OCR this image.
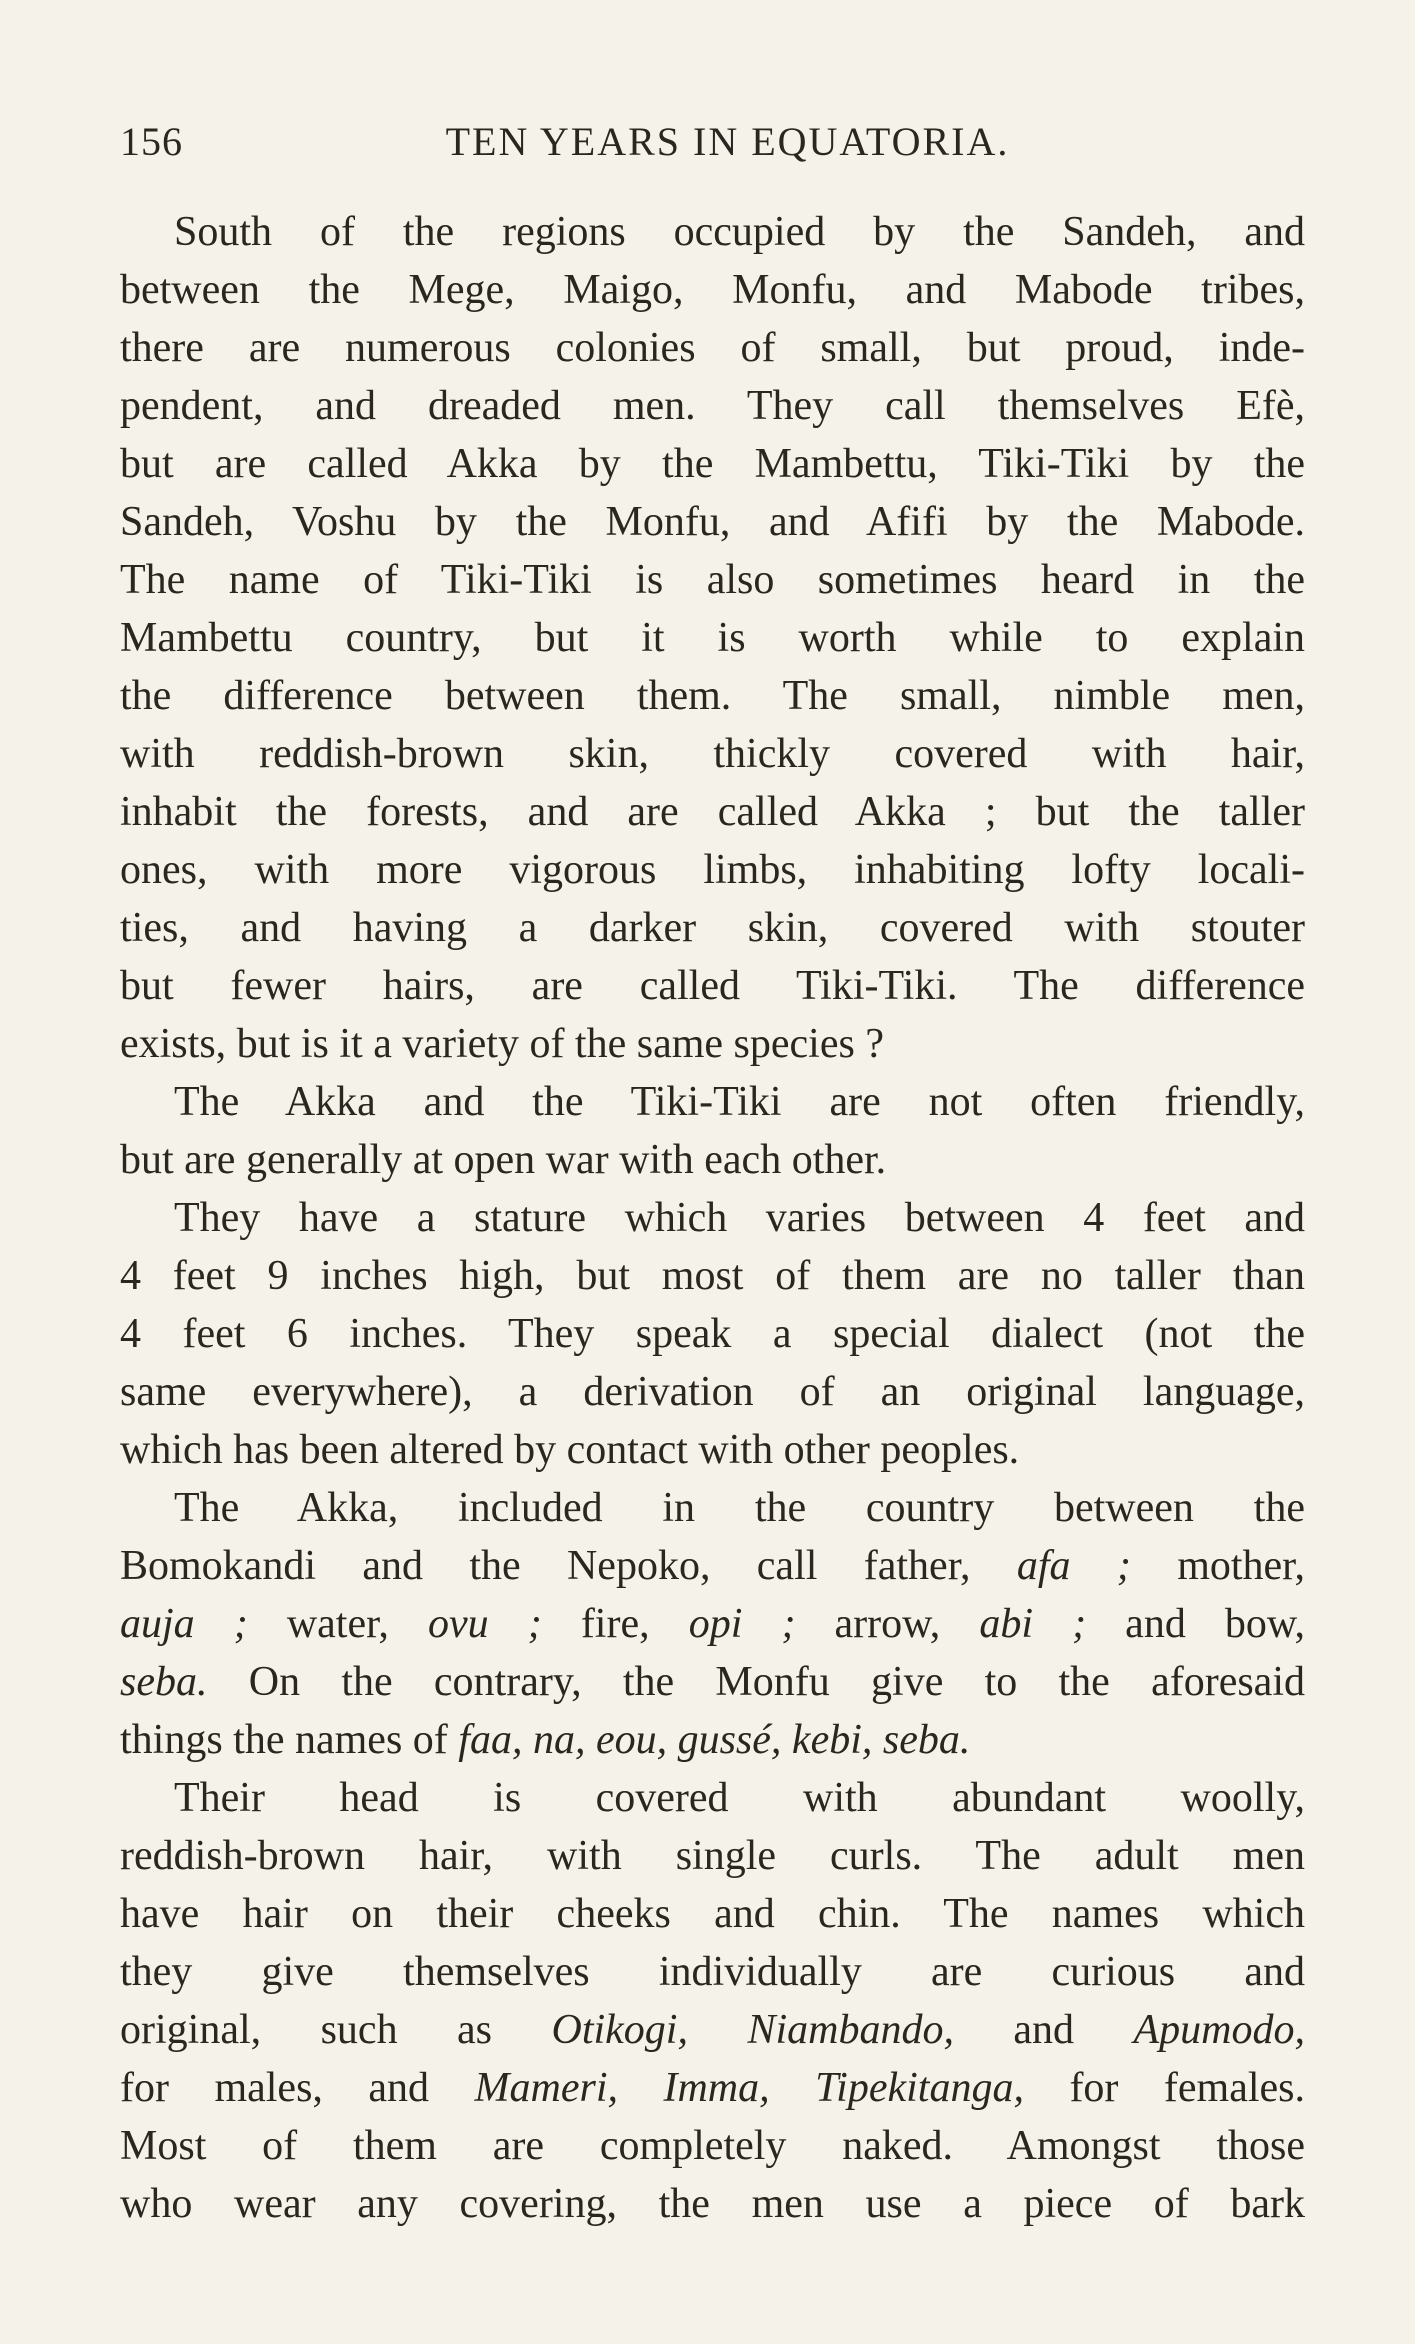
156	TEN YEARS IN EQUATORIA.
South of the regions occupied by the Sandeh, and
between the Mege, Maigo, Monfu, and Mabode tribes,
there are numerous colonies of small, but proud, inde-
pendent, and dreaded men. They call themselves Efè,
but are called Akka by the Mambettu, Tiki-Tiki by the
Sandeh, Voshu by the Monfu, and Afifi by the Mabode.
The name of Tiki-Tiki is also sometimes heard in the
Mambettu country, but it is worth while to explain
the difference between them. The small, nimble men,
with reddish-brown skin, thickly covered with hair,
inhabit the forests, and are called Akka ; but the taller
ones, with more vigorous limbs, inhabiting lofty locali-
ties, and having a darker skin, covered with stouter
but fewer hairs, are called Tiki-Tiki. The difference
exists, but is it a variety of the same species ?
The Akka and the Tiki-Tiki are not often friendly,
but are generally at open war with each other.
They have a stature which varies between 4 feet and
4 feet 9 inches high, but most of them are no taller than
4 feet 6 inches. They speak a special dialect (not the
same everywhere), a derivation of an original language,
which has been altered by contact with other peoples.
The Akka, included in the country between the
Bomokandi and the Nepoko, call father, afa ; mother,
auja ; water, ovu ; fire, opi ; arrow, abi ; and bow,
seba. On the contrary, the Monfu give to the aforesaid
things the names of faa, na, eou, gussé, kebi, seba.
Their head is covered with abundant woolly,
reddish-brown hair, with single curls. The adult men
have hair on their cheeks and chin. The names which
they give themselves individually are curious and
original, such as Otikogi, Niambando, and Apumodo,
for males, and Mameri, Imma, Tipekitanga, for females.
Most of them are completely naked. Amongst those
who wear any covering, the men use a piece of bark
